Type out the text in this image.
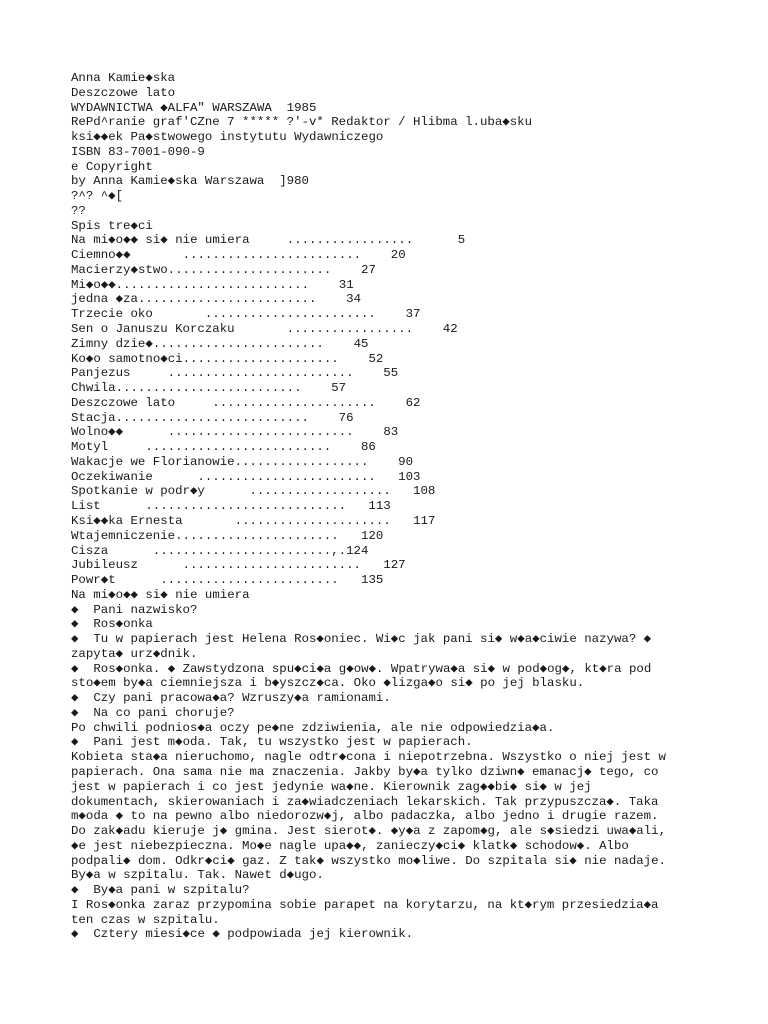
Anna Kamie◆ska
Deszczowe lato
WYDAWNICTWA ◆ALFA" WARSZAWA  1985
RePd^ranie graf'CZne 7 ***** ?'-v* Redaktor / Hlibma l.uba◆sku
ksi◆◆ek Pa◆stwowego instytutu Wydawniczego
ISBN 83-7001-090-9
e Copyright
by Anna Kamie◆ska Warszawa  ]980
?^? ^◆[
??
Spis tre◆ci
Na mi◆o◆◆ si◆ nie umiera     .................      5
Ciemno◆◆       ........................    20
Macierzy◆stwo......................    27
Mi◆o◆◆..........................    31
jedna ◆za........................    34
Trzecie oko       .......................    37
Sen o Januszu Korczaku       .................    42
Zimny dzie◆.......................    45
Ko◆o samotno◆ci.....................    52
Panjezus     .........................    55
Chwila.........................    57
Deszczowe lato     ......................    62
Stacja..........................    76
Wolno◆◆      .........................    83
Motyl     .........................    86
Wakacje we Florianowie..................    90
Oczekiwanie      ........................   103
Spotkanie w podr◆y      ...................   108
List      ...........................   113
Ksi◆◆ka Ernesta       .....................   117
Wtajemniczenie......................   120
Cisza      ........................,.124
Jubileusz      ........................   127
Powr◆t      ........................   135
Na mi◆o◆◆ si◆ nie umiera
◆  Pani nazwisko?
◆  Ros◆onka
◆  Tu w papierach jest Helena Ros◆oniec. Wi◆c jak pani si◆ w◆a◆ciwie nazywa? ◆
zapyta◆ urz◆dnik.
◆  Ros◆onka. ◆ Zawstydzona spu◆ci◆a g◆ow◆. Wpatrywa◆a si◆ w pod◆og◆, kt◆ra pod
sto◆em by◆a ciemniejsza i b◆yszcz◆ca. Oko ◆lizga◆o si◆ po jej blasku.
◆  Czy pani pracowa◆a? Wzruszy◆a ramionami.
◆  Na co pani choruje?
Po chwili podnios◆a oczy pe◆ne zdziwienia, ale nie odpowiedzia◆a.
◆  Pani jest m◆oda. Tak, tu wszystko jest w papierach.
Kobieta sta◆a nieruchomo, nagle odtr◆cona i niepotrzebna. Wszystko o niej jest w
papierach. Ona sama nie ma znaczenia. Jakby by◆a tylko dziwn◆ emanacj◆ tego, co
jest w papierach i co jest jedynie wa◆ne. Kierownik zag◆◆bi◆ si◆ w jej
dokumentach, skierowaniach i za◆wiadczeniach lekarskich. Tak przypuszcza◆. Taka
m◆oda ◆ to na pewno albo niedorozw◆j, albo padaczka, albo jedno i drugie razem.
Do zak◆adu kieruje j◆ gmina. Jest sierot◆. ◆y◆a z zapom◆g, ale s◆siedzi uwa◆ali,
◆e jest niebezpieczna. Mo◆e nagle upa◆◆, zanieczy◆ci◆ klatk◆ schodow◆. Albo
podpali◆ dom. Odkr◆ci◆ gaz. Z tak◆ wszystko mo◆liwe. Do szpitala si◆ nie nadaje.
By◆a w szpitalu. Tak. Nawet d◆ugo.
◆  By◆a pani w szpitalu?
I Ros◆onka zaraz przypomina sobie parapet na korytarzu, na kt◆rym przesiedzia◆a
ten czas w szpitalu.
◆  Cztery miesi◆ce ◆ podpowiada jej kierownik.
